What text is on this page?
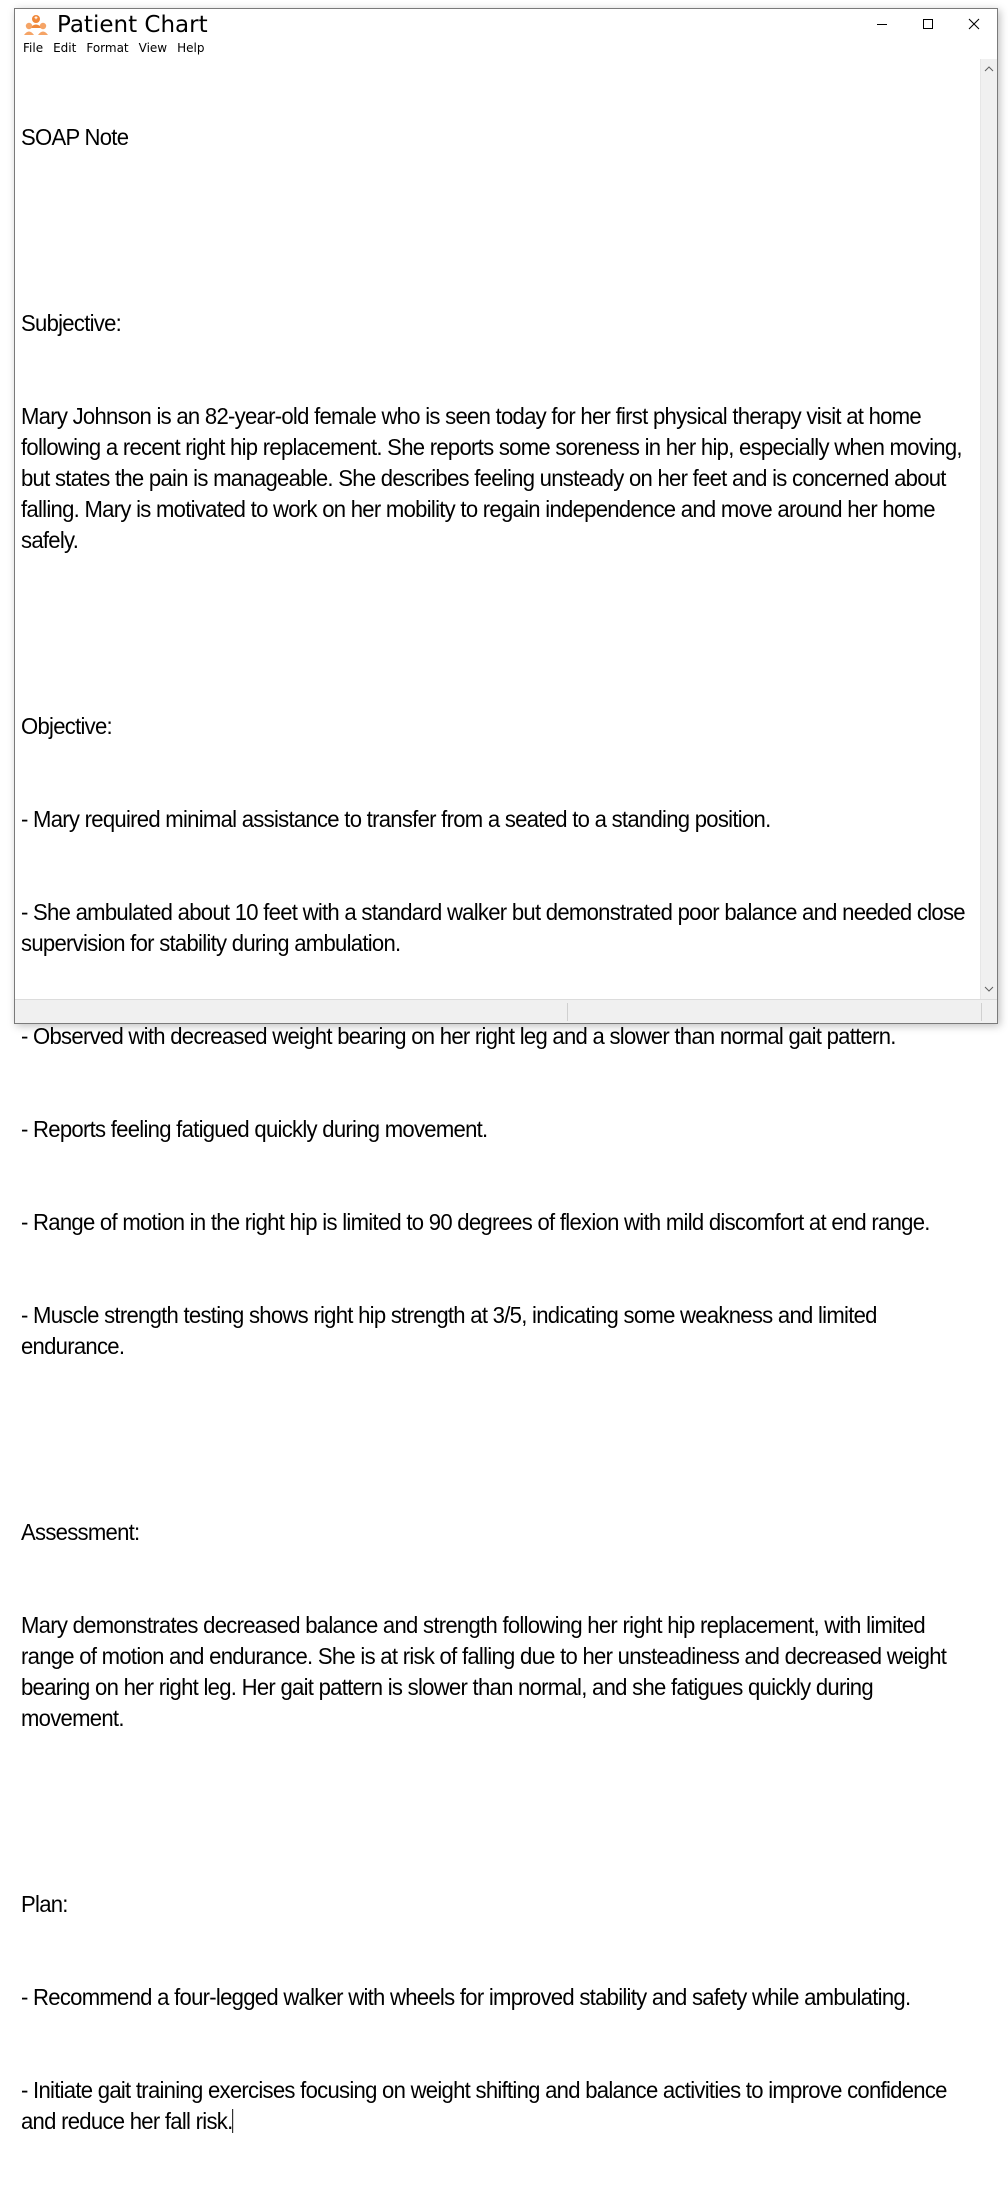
Patient Chart
File Edit Format View Help

SOAP Note

Subjective:

Mary Johnson is an 82-year-old female who is seen today for her first physical therapy visit at home following a recent right hip replacement. She reports some soreness in her hip, especially when moving, but states the pain is manageable. She describes feeling unsteady on her feet and is concerned about falling. Mary is motivated to work on her mobility to regain independence and move around her home safely.

Objective:

- Mary required minimal assistance to transfer from a seated to a standing position.

- She ambulated about 10 feet with a standard walker but demonstrated poor balance and needed close supervision for stability during ambulation.

- Observed with decreased weight bearing on her right leg and a slower than normal gait pattern.

- Reports feeling fatigued quickly during movement.

- Range of motion in the right hip is limited to 90 degrees of flexion with mild discomfort at end range.

- Muscle strength testing shows right hip strength at 3/5, indicating some weakness and limited endurance.

Assessment:

Mary demonstrates decreased balance and strength following her right hip replacement, with limited range of motion and endurance. She is at risk of falling due to her unsteadiness and decreased weight bearing on her right leg. Her gait pattern is slower than normal, and she fatigues quickly during movement.

Plan:

- Recommend a four-legged walker with wheels for improved stability and safety while ambulating.

- Initiate gait training exercises focusing on weight shifting and balance activities to improve confidence and reduce her fall risk.
